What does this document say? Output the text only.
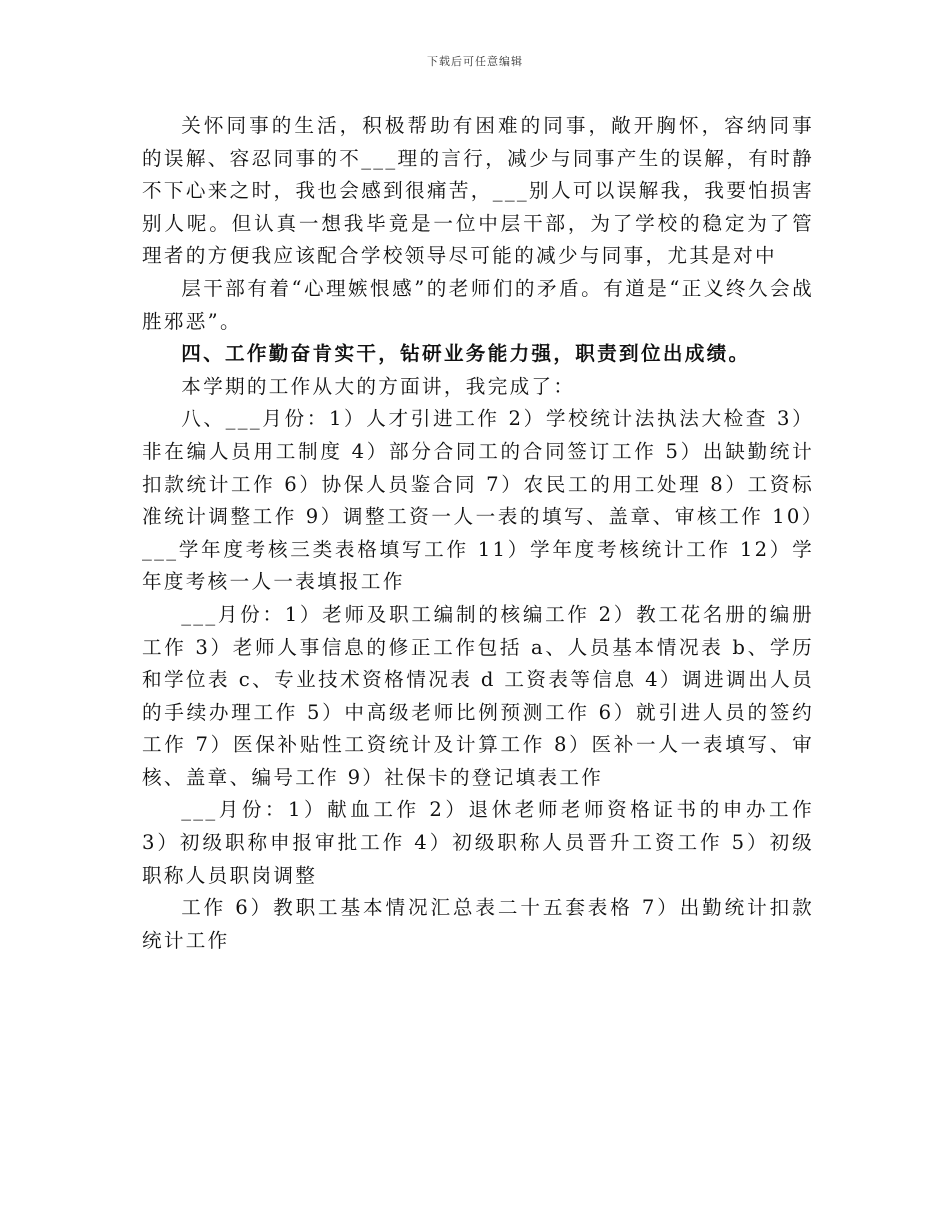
下载后可任意编辑

关怀同事的生活，积极帮助有困难的同事，敞开胸怀，容纳同事的误解、容忍同事的不___理的言行，减少与同事产生的误解，有时静不下心来之时，我也会感到很痛苦，___别人可以误解我，我要怕损害别人呢。但认真一想我毕竟是一位中层干部，为了学校的稳定为了管理者的方便我应该配合学校领导尽可能的减少与同事，尤其是对中

层干部有着“心理嫉恨感”的老师们的矛盾。有道是“正义终久会战胜邪恶”。

四、工作勤奋肯实干，钻研业务能力强，职责到位出成绩。

本学期的工作从大的方面讲，我完成了：

八、___月份：1）人才引进工作 2）学校统计法执法大检查 3）非在编人员用工制度 4）部分合同工的合同签订工作 5）出缺勤统计扣款统计工作 6）协保人员鉴合同 7）农民工的用工处理 8）工资标准统计调整工作 9）调整工资一人一表的填写、盖章、审核工作 10）___学年度考核三类表格填写工作 11）学年度考核统计工作 12）学年度考核一人一表填报工作

___月份：1）老师及职工编制的核编工作 2）教工花名册的编册工作 3）老师人事信息的修正工作包括 a、人员基本情况表 b、学历和学位表 c、专业技术资格情况表 d 工资表等信息 4）调进调出人员的手续办理工作 5）中高级老师比例预测工作 6）就引进人员的签约工作 7）医保补贴性工资统计及计算工作 8）医补一人一表填写、审核、盖章、编号工作 9）社保卡的登记填表工作

___月份：1）献血工作 2）退休老师老师资格证书的申办工作 3）初级职称申报审批工作 4）初级职称人员晋升工资工作 5）初级职称人员职岗调整

工作 6）教职工基本情况汇总表二十五套表格 7）出勤统计扣款统计工作
